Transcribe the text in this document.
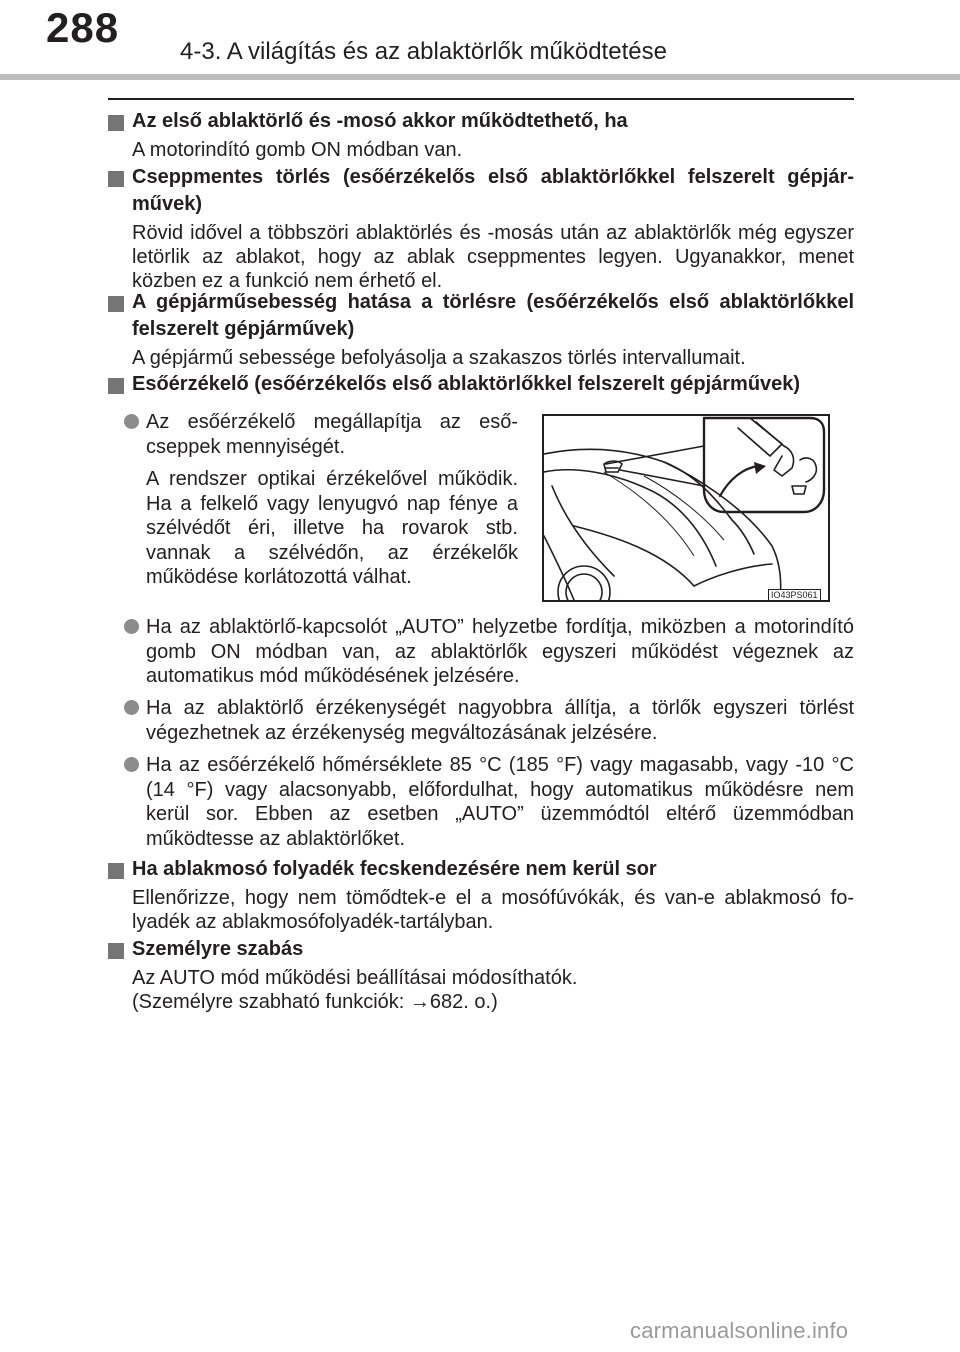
288
4-3. A világítás és az ablaktörlők működtetése
Az első ablaktörlő és -mosó akkor működtethető, ha
A motorindító gomb ON módban van.
Cseppmentes törlés (esőérzékelős első ablaktörlőkkel felszerelt gépjárművek)
Rövid idővel a többszöri ablaktörlés és -mosás után az ablaktörlők még egyszer letörlik az ablakot, hogy az ablak cseppmentes legyen. Ugyanakkor, menet közben ez a funkció nem érhető el.
A gépjárműsebesség hatása a törlésre (esőérzékelős első ablaktörlőkkel felszerelt gépjárművek)
A gépjármű sebessége befolyásolja a szakaszos törlés intervallumait.
Esőérzékelő (esőérzékelős első ablaktörlőkkel felszerelt gépjárművek)
Az esőérzékelő megállapítja az esőcseppek mennyiségét.
A rendszer optikai érzékelővel működik. Ha a felkelő vagy lenyugvó nap fénye a szélvédőt éri, illetve ha rovarok stb. vannak a szélvédőn, az érzékelők működése korlátozottá válhat.
IO43PS061
Ha az ablaktörlő-kapcsolót „AUTO” helyzetbe fordítja, miközben a motorindító gomb ON módban van, az ablaktörlők egyszeri működést végeznek az automatikus mód működésének jelzésére.
Ha az ablaktörlő érzékenységét nagyobbra állítja, a törlők egyszeri törlést végezhetnek az érzékenység megváltozásának jelzésére.
Ha az esőérzékelő hőmérséklete 85 °C (185 °F) vagy magasabb, vagy -10 °C (14 °F) vagy alacsonyabb, előfordulhat, hogy automatikus működésre nem kerül sor. Ebben az esetben „AUTO” üzemmódtól eltérő üzemmódban működtesse az ablaktörlőket.
Ha ablakmosó folyadék fecskendezésére nem kerül sor
Ellenőrizze, hogy nem tömődtek-e el a mosófúvókák, és van-e ablakmosó folyadék az ablakmosófolyadék-tartályban.
Személyre szabás
Az AUTO mód működési beállításai módosíthatók.
(Személyre szabható funkciók: →682. o.)
carmanualsonline.info
